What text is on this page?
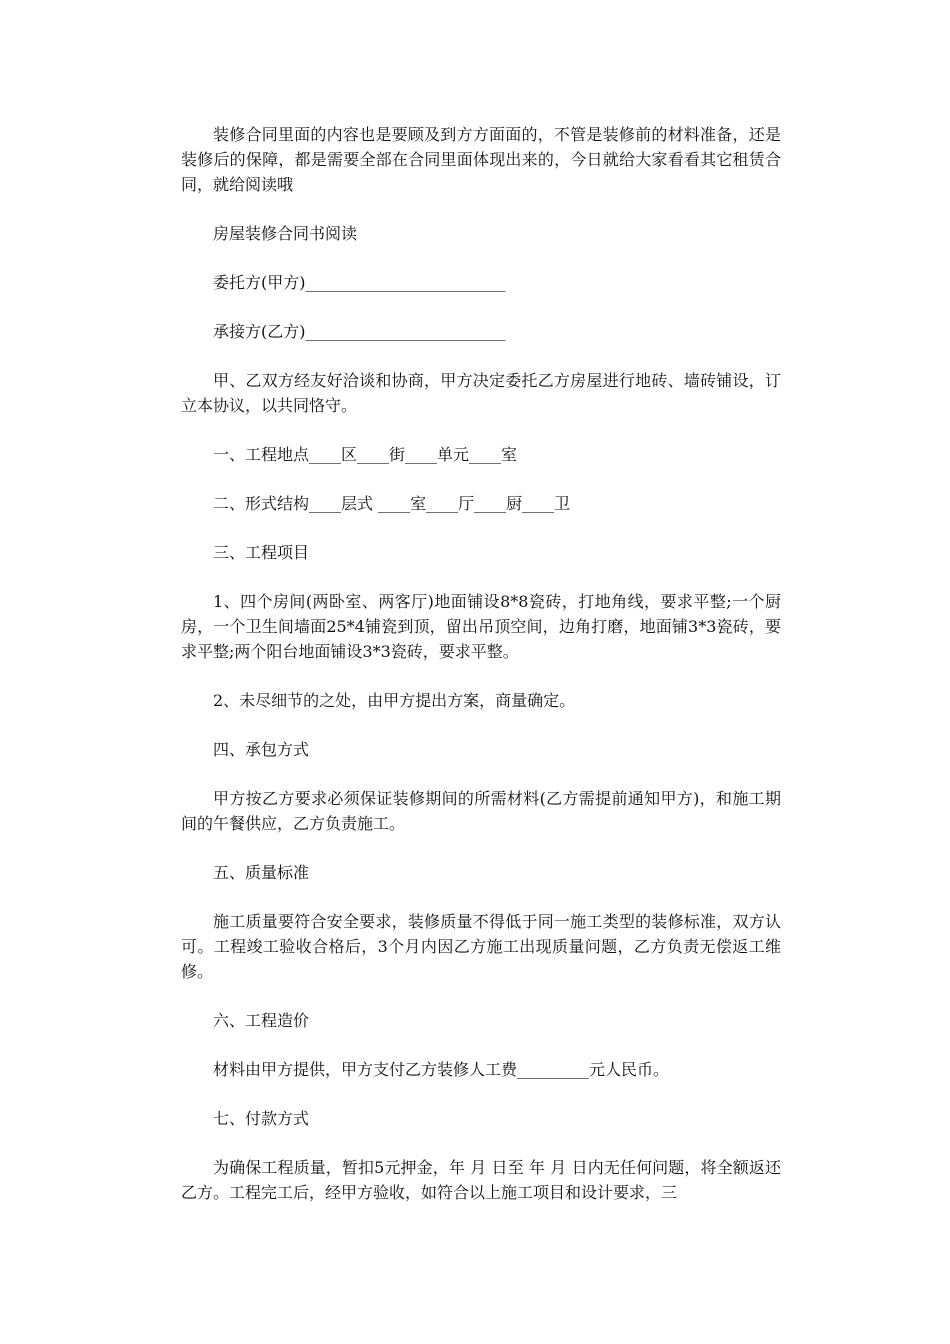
装修合同里面的内容也是要顾及到方方面面的，不管是装修前的材料准备，还是装修后的保障，都是需要全部在合同里面体现出来的，今日就给大家看看其它租赁合同，就给阅读哦

房屋装修合同书阅读

委托方(甲方)_________________________

承接方(乙方)_________________________

甲、乙双方经友好洽谈和协商，甲方决定委托乙方房屋进行地砖、墙砖铺设，订立本协议，以共同恪守。

一、工程地点____区____街____单元____室

二、形式结构____层式 ____室____厅____厨____卫

三、工程项目

1、四个房间(两卧室、两客厅)地面铺设8*8瓷砖，打地角线，要求平整;一个厨房，一个卫生间墙面25*4铺瓷到顶，留出吊顶空间，边角打磨，地面铺3*3瓷砖，要求平整;两个阳台地面铺设3*3瓷砖，要求平整。

2、未尽细节的之处，由甲方提出方案，商量确定。

四、承包方式

甲方按乙方要求必须保证装修期间的所需材料(乙方需提前通知甲方)，和施工期间的午餐供应，乙方负责施工。

五、质量标准

施工质量要符合安全要求，装修质量不得低于同一施工类型的装修标准，双方认可。工程竣工验收合格后，3个月内因乙方施工出现质量问题，乙方负责无偿返工维修。

六、工程造价

材料由甲方提供，甲方支付乙方装修人工费_________元人民币。

七、付款方式

为确保工程质量，暂扣5元押金，年 月 日至 年 月 日内无任何问题，将全额返还乙方。工程完工后，经甲方验收，如符合以上施工项目和设计要求，三
